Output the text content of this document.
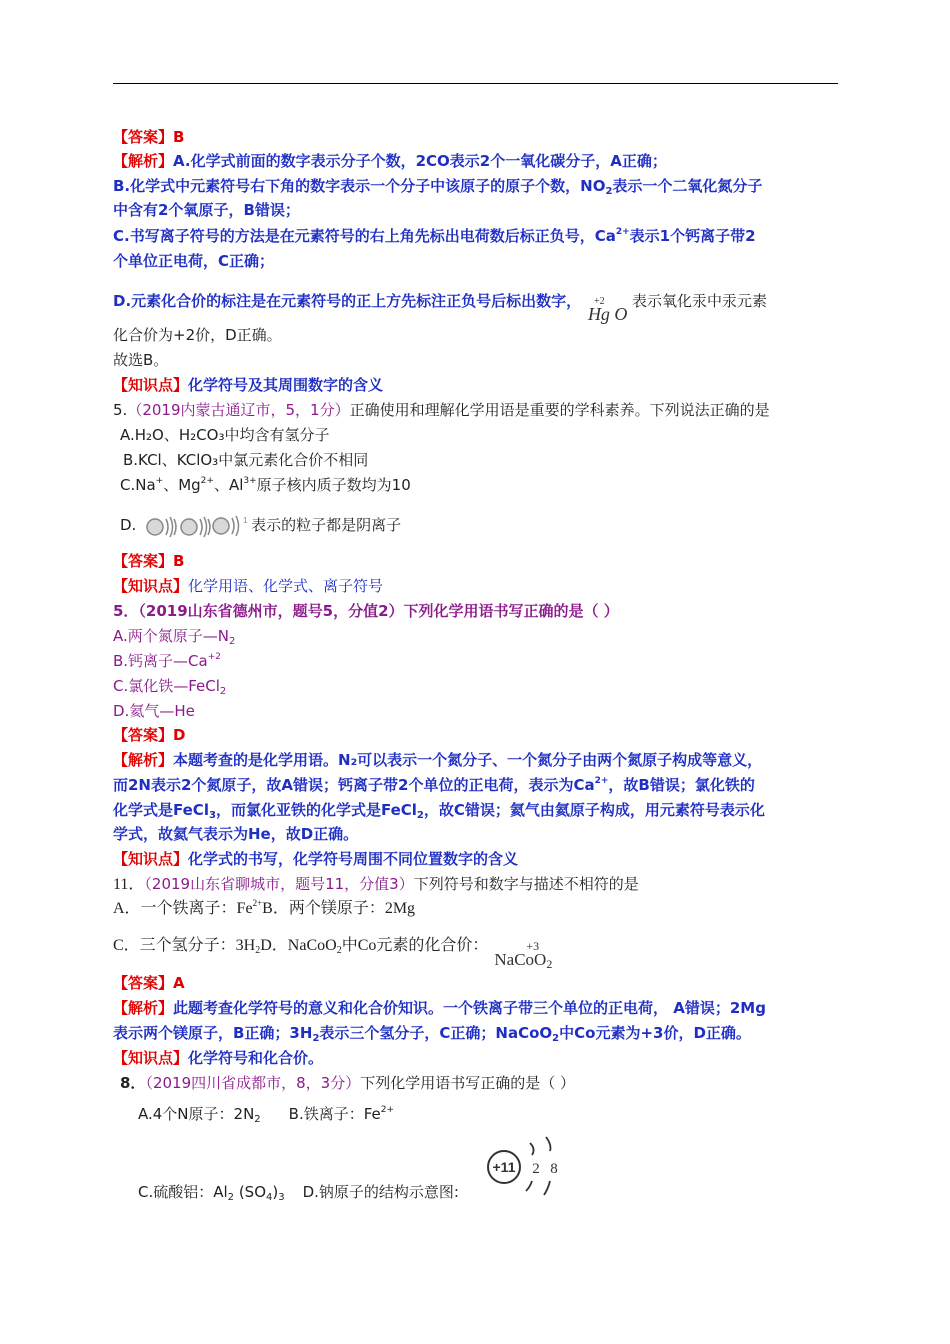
【答案】B
【解析】A.化学式前面的数字表示分子个数，2CO表示2个一氧化碳分子，A正确；
B.化学式中元素符号右下角的数字表示一个分子中该原子的原子个数，$NO_2$表示一个二氧化氮分子
中含有2个氧原子，B错误；
C.书写离子符号的方法是在元素符号的右上角先标出电荷数后标正负号，$Ca^{2+}$表示1个钙离子带2
个单位正电荷，C正确；
D.元素化合价的标注是在元素符号的正上方先标注正负号后标出数字， +2
Hg O
表示氧化汞中汞元素
化合价为+2价，D正确。
故选B。
【知识点】化学符号及其周围数字的含义
5.（2019内蒙古通辽市，5，1分）正确使用和理解化学用语是重要的学科素养。下列说法正确的是
A.H₂O、H₂CO₃中均含有氢分子
B.KCl、KClO₃中氯元素化合价不相同
C.Na+、$Mg^{2+}$、$Al^{3+}$原子核内质子数均为10
D.	1 表示的粒子都是阴离子
【答案】B
【知识点】化学用语、化学式、离子符号
5．（2019山东省德州市，题号5，分值2）下列化学用语书写正确的是（ ）
A.两个氮原子$—N_2$
B.钙离子$—Ca^{+2}$
C.氯化铁—FeCl$_2$
D.氦气—He
【答案】D
【解析】本题考查的是化学用语。N₂可以表示一个氮分子、一个氮分子由两个氮原子构成等意义，
而2N表示2个氮原子，故A错误；钙离子带2个单位的正电荷，表示为$Ca^{2+}$，故B错误；氯化铁的
化学式是FeCl$_3$，而氯化亚铁的化学式是FeCl$_2$，故C错误；氦气由氦原子构成，用元素符号表示化
学式，故氦气表示为He，故D正确。
【知识点】化学式的书写，化学符号周围不同位置数字的含义
11．（2019山东省聊城市，题号11，分值3）下列符号和数字与描述不相符的是
A．一个铁离子：$Fe^{2+}B$．两个镁原子：2Mg
C．三个氢分子：$3H_2D$．NaCoO$_2$中Co元素的化合价：	+3
NaCoO$_2$
【答案】A
【解析】此题考查化学符号的意义和化合价知识。一个铁离子带三个单位的正电荷， A错误；2Mg
表示两个镁原子，B正确；$3H_2$表示三个氢分子，C正确；NaCoO$_2$中Co元素为+3价，D正确。
【知识点】化学符号和化合价。
8．（2019四川省成都市，8，3分）下列化学用语书写正确的是（ ）
A.4个N原子：$2N_2$ B.铁离子：$Fe^{2+}$
C.硫酸铝：$Al_2$ $(SO_4)_3$ D.钠原子的结构示意图:
+11 2 8
